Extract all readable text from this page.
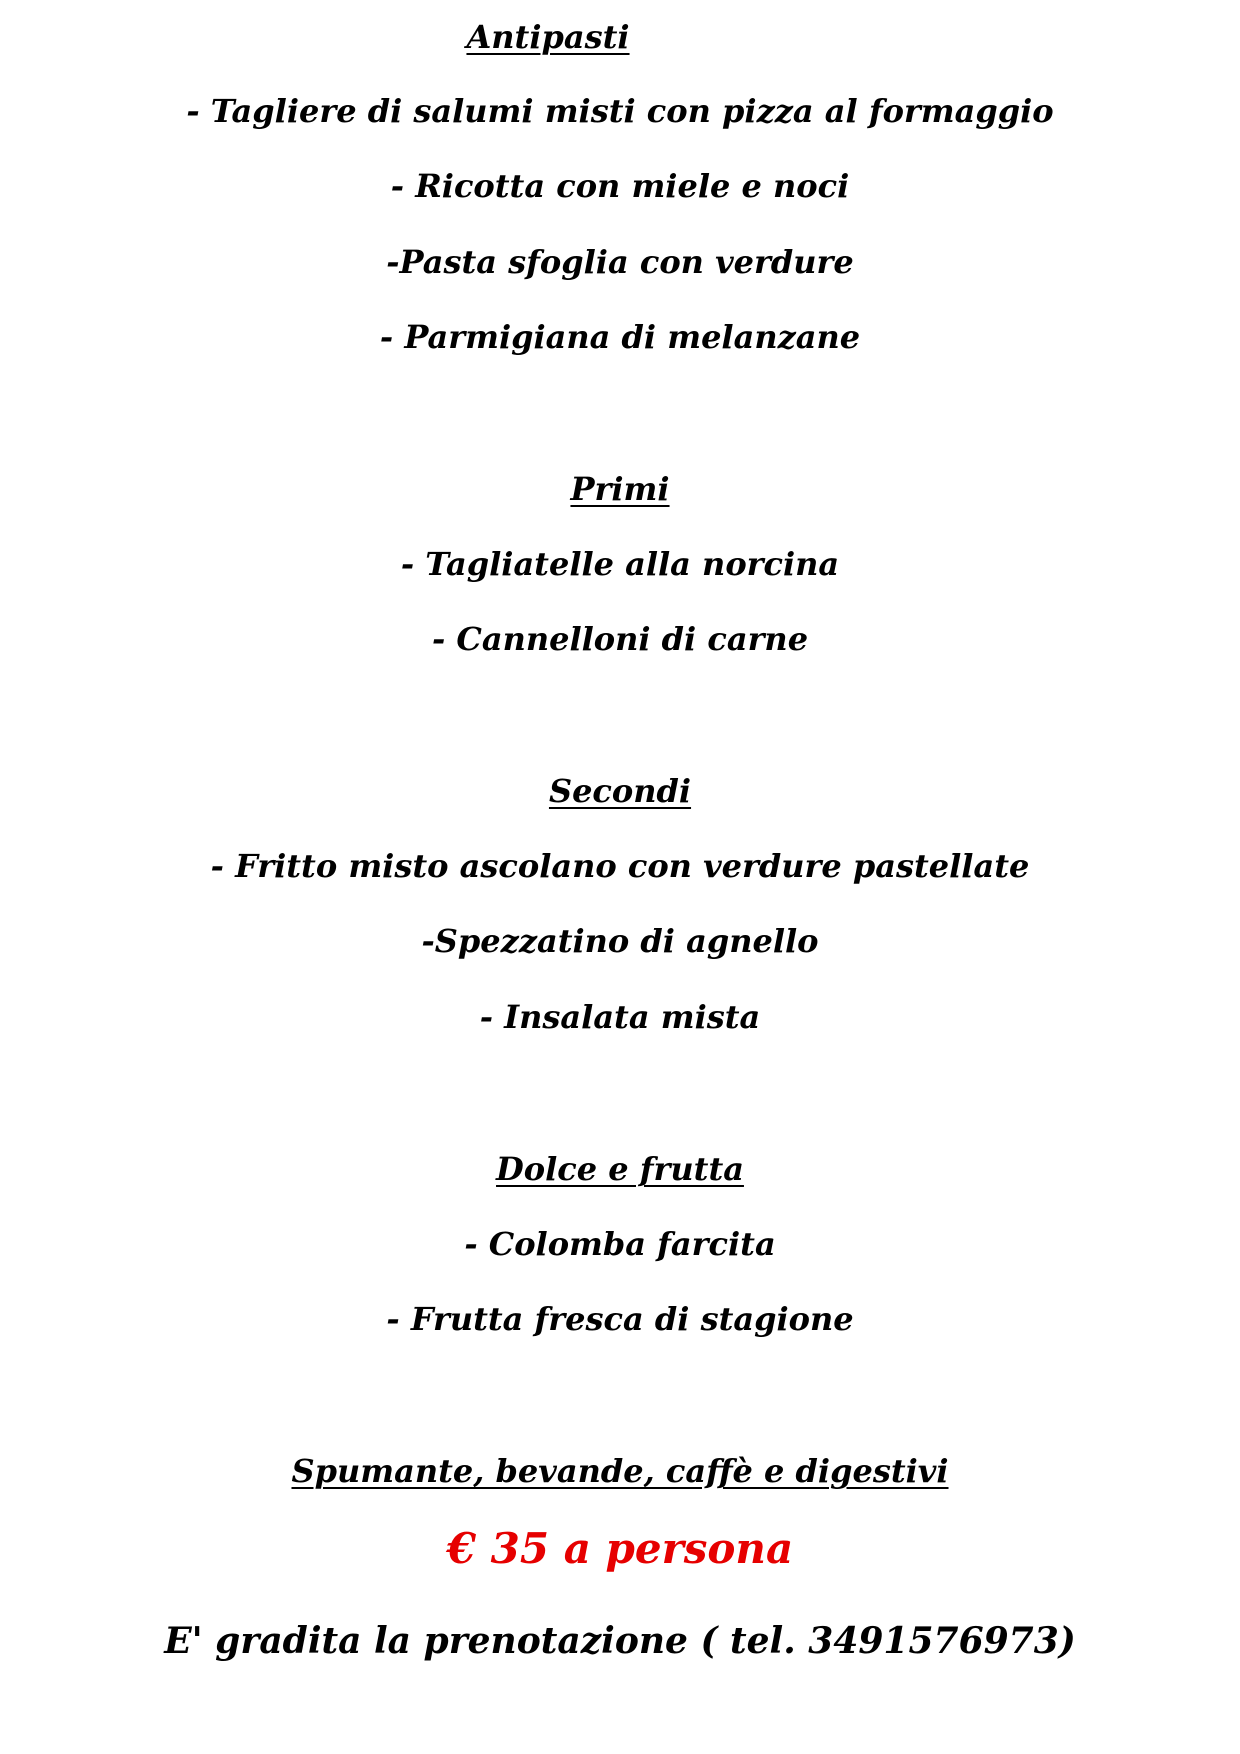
Antipasti
- Tagliere di salumi misti con pizza al formaggio
- Ricotta con miele e noci
-Pasta sfoglia con verdure
- Parmigiana di melanzane
Primi
- Tagliatelle alla norcina
- Cannelloni di carne
Secondi
- Fritto misto ascolano con verdure pastellate
-Spezzatino di agnello
- Insalata mista
Dolce e frutta
- Colomba farcita
- Frutta fresca di stagione
Spumante, bevande, caffè e digestivi
€ 35 a persona
E' gradita la prenotazione ( tel. 3491576973)
